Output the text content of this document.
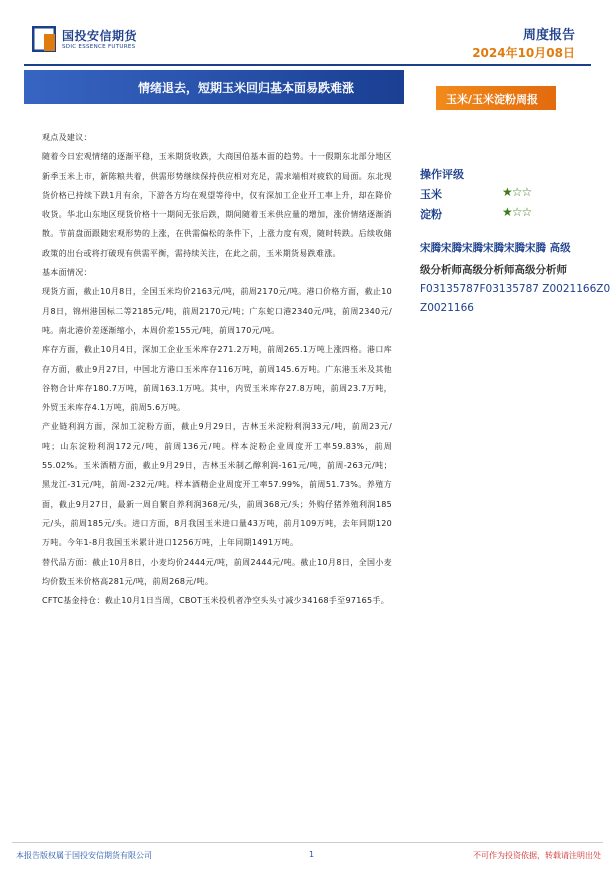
国投安信期货
SDIC ESSENCE FUTURES
周度报告
2024年10月08日
情绪退去，短期玉米回归基本面易跌难涨
玉米/玉米淀粉周报

观点及建议：

随着今日宏观情绪的逐渐平稳，玉米期货收跌，大商国伯基本面的趋势。十一假期东北部分地区新季玉米上市，新陈粮共着，供需形势继续保持供应相对充足，需求端相对疲软的局面。东北现货价格已持续下跌1月有余，下游各方均在观望等待中，仅有深加工企业开工率上升，却在降价收货。华北山东地区现货价格十一期间无张后跌，期间随着玉米供应量的增加，涨价情绪逐渐消散。节前盘面跟随宏观形势的上涨，在供需偏松的条件下，上涨力度有观，随时转跌。后续收储政策的出台或将打破现有供需平衡，需持续关注，在此之前，玉米期货易跌难涨。

基本面情况：

现货方面，截止10月8日，全国玉米均价2163元/吨，前周2170元/吨。港口价格方面，截止10月8日，锦州港国标二等2185元/吨，前周2170元/吨；广东蛇口港2340元/吨，前周2340元/吨。南北港价差逐渐缩小，本周价差155元/吨，前周170元/吨。

库存方面，截止10月4日，深加工企业玉米库存271.2万吨，前周265.1万吨上涨四格。港口库存方面，截止9月27日，中国北方港口玉米库存116万吨，前周145.6万吨。广东港玉米及其他谷物合计库存180.7万吨，前周163.1万吨。其中，内贸玉米库存27.8万吨，前周23.7万吨，外贸玉米库存4.1万吨，前周5.6万吨。

产业链利润方面，深加工淀粉方面，截止9月29日，吉林玉米淀粉利润33元/吨，前周23元/吨；山东淀粉利润172元/吨，前周136元/吨。样本淀粉企业周度开工率59.83%，前周55.02%。玉米酒精方面，截止9月29日，吉林玉米制乙醇利润-161元/吨，前周-263元/吨；黑龙江-31元/吨，前周-232元/吨。样本酒精企业周度开工率57.99%，前周51.73%。养殖方面，截止9月27日，最新一周自繁自养利润368元/头，前周368元/头；外购仔猪养殖利润185元/头，前周185元/头。进口方面，8月我国玉米进口量43万吨，前月109万吨，去年同期120万吨。今年1-8月我国玉米累计进口1256万吨，上年同期1491万吨。

替代品方面：截止10月8日，小麦均价2444元/吨，前周2444元/吨。截止10月8日，全国小麦均价数玉米价格高281元/吨，前周268元/吨。

CFTC基金持仓：截止10月1日当周，CBOT玉米投机者净空头头寸减少34168手至97165手。

操作评级
玉米	★☆☆
淀粉	★☆☆
宋腾宋腾宋腾宋腾宋腾宋腾 高级
级分析师高级分析师高级分析师
F03135787F03135787 Z0021166Z0
Z0021166
本报告版权属于国投安信期货有限公司	1	不可作为投资依据，转载请注明出处
